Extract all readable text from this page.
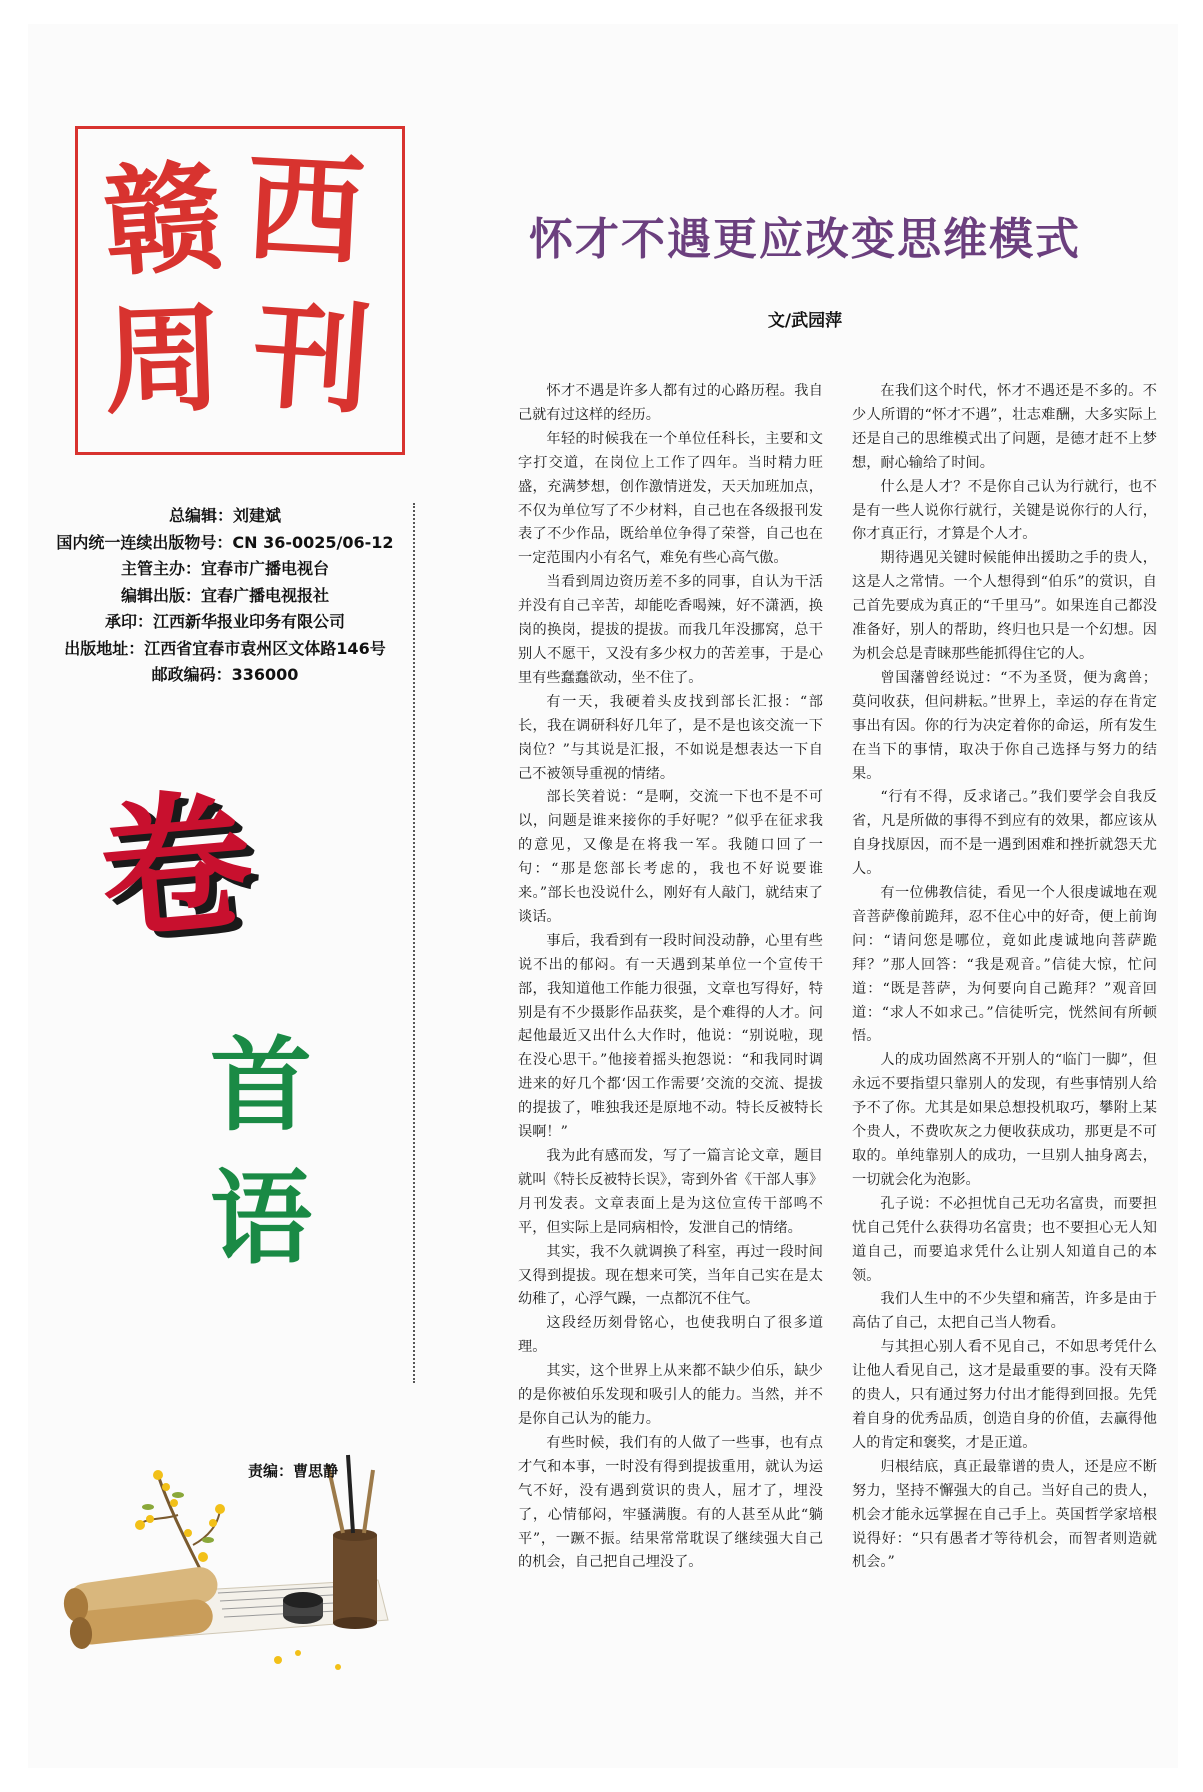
赣 西
周 刊
总编辑：刘建斌
国内统一连续出版物号：CN 36-0025/06-12
主管主办：宜春市广播电视台
编辑出版：宜春广播电视报社
承印：江西新华报业印务有限公司
出版地址：江西省宜春市袁州区文体路146号
邮政编码：336000
卷
首
语
责编：曹思静
怀才不遇更应改变思维模式
文/武园萍

怀才不遇是许多人都有过的心路历程。我自己就有过这样的经历。

年轻的时候我在一个单位任科长，主要和文字打交道，在岗位上工作了四年。当时精力旺盛，充满梦想，创作激情迸发，天天加班加点，不仅为单位写了不少材料，自己也在各级报刊发表了不少作品，既给单位争得了荣誉，自己也在一定范围内小有名气，难免有些心高气傲。

当看到周边资历差不多的同事，自认为干活并没有自己辛苦，却能吃香喝辣，好不潇洒，换岗的换岗，提拔的提拔。而我几年没挪窝，总干别人不愿干，又没有多少权力的苦差事，于是心里有些蠢蠢欲动，坐不住了。

有一天，我硬着头皮找到部长汇报：“部长，我在调研科好几年了，是不是也该交流一下岗位？”与其说是汇报，不如说是想表达一下自己不被领导重视的情绪。

部长笑着说：“是啊，交流一下也不是不可以，问题是谁来接你的手好呢？”似乎在征求我的意见，又像是在将我一军。我随口回了一句：“那是您部长考虑的，我也不好说要谁来。”部长也没说什么，刚好有人敲门，就结束了谈话。

事后，我看到有一段时间没动静，心里有些说不出的郁闷。有一天遇到某单位一个宣传干部，我知道他工作能力很强，文章也写得好，特别是有不少摄影作品获奖，是个难得的人才。问起他最近又出什么大作时，他说：“别说啦，现在没心思干。”他接着摇头抱怨说：“和我同时调进来的好几个都‘因工作需要’交流的交流、提拔的提拔了，唯独我还是原地不动。特长反被特长误啊！”

我为此有感而发，写了一篇言论文章，题目就叫《特长反被特长误》，寄到外省《干部人事》月刊发表。文章表面上是为这位宣传干部鸣不平，但实际上是同病相怜，发泄自己的情绪。

其实，我不久就调换了科室，再过一段时间又得到提拔。现在想来可笑，当年自己实在是太幼稚了，心浮气躁，一点都沉不住气。

这段经历刻骨铭心，也使我明白了很多道理。

其实，这个世界上从来都不缺少伯乐，缺少的是你被伯乐发现和吸引人的能力。当然，并不是你自己认为的能力。

有些时候，我们有的人做了一些事，也有点才气和本事，一时没有得到提拔重用，就认为运气不好，没有遇到赏识的贵人，屈才了，埋没了，心情郁闷，牢骚满腹。有的人甚至从此“躺平”，一蹶不振。结果常常耽误了继续强大自己的机会，自己把自己埋没了。

在我们这个时代，怀才不遇还是不多的。不少人所谓的“怀才不遇”，壮志难酬，大多实际上还是自己的思维模式出了问题，是德才赶不上梦想，耐心输给了时间。

什么是人才？不是你自己认为行就行，也不是有一些人说你行就行，关键是说你行的人行，你才真正行，才算是个人才。

期待遇见关键时候能伸出援助之手的贵人，这是人之常情。一个人想得到“伯乐”的赏识，自己首先要成为真正的“千里马”。如果连自己都没准备好，别人的帮助，终归也只是一个幻想。因为机会总是青睐那些能抓得住它的人。

曾国藩曾经说过：“不为圣贤，便为禽兽；莫问收获，但问耕耘。”世界上，幸运的存在肯定事出有因。你的行为决定着你的命运，所有发生在当下的事情，取决于你自己选择与努力的结果。

“行有不得，反求诸己。”我们要学会自我反省，凡是所做的事得不到应有的效果，都应该从自身找原因，而不是一遇到困难和挫折就怨天尤人。

有一位佛教信徒，看见一个人很虔诚地在观音菩萨像前跪拜，忍不住心中的好奇，便上前询问：“请问您是哪位，竟如此虔诚地向菩萨跪拜？”那人回答：“我是观音。”信徒大惊，忙问道：“既是菩萨，为何要向自己跪拜？”观音回道：“求人不如求己。”信徒听完，恍然间有所顿悟。

人的成功固然离不开别人的“临门一脚”，但永远不要指望只靠别人的发现，有些事情别人给予不了你。尤其是如果总想投机取巧，攀附上某个贵人，不费吹灰之力便收获成功，那更是不可取的。单纯靠别人的成功，一旦别人抽身离去，一切就会化为泡影。

孔子说：不必担忧自己无功名富贵，而要担忧自己凭什么获得功名富贵；也不要担心无人知道自己，而要追求凭什么让别人知道自己的本领。

我们人生中的不少失望和痛苦，许多是由于高估了自己，太把自己当人物看。

与其担心别人看不见自己，不如思考凭什么让他人看见自己，这才是最重要的事。没有天降的贵人，只有通过努力付出才能得到回报。先凭着自身的优秀品质，创造自身的价值，去赢得他人的肯定和褒奖，才是正道。

归根结底，真正最靠谱的贵人，还是应不断努力，坚持不懈强大的自己。当好自己的贵人，机会才能永远掌握在自己手上。英国哲学家培根说得好：“只有愚者才等待机会，而智者则造就机会。”
